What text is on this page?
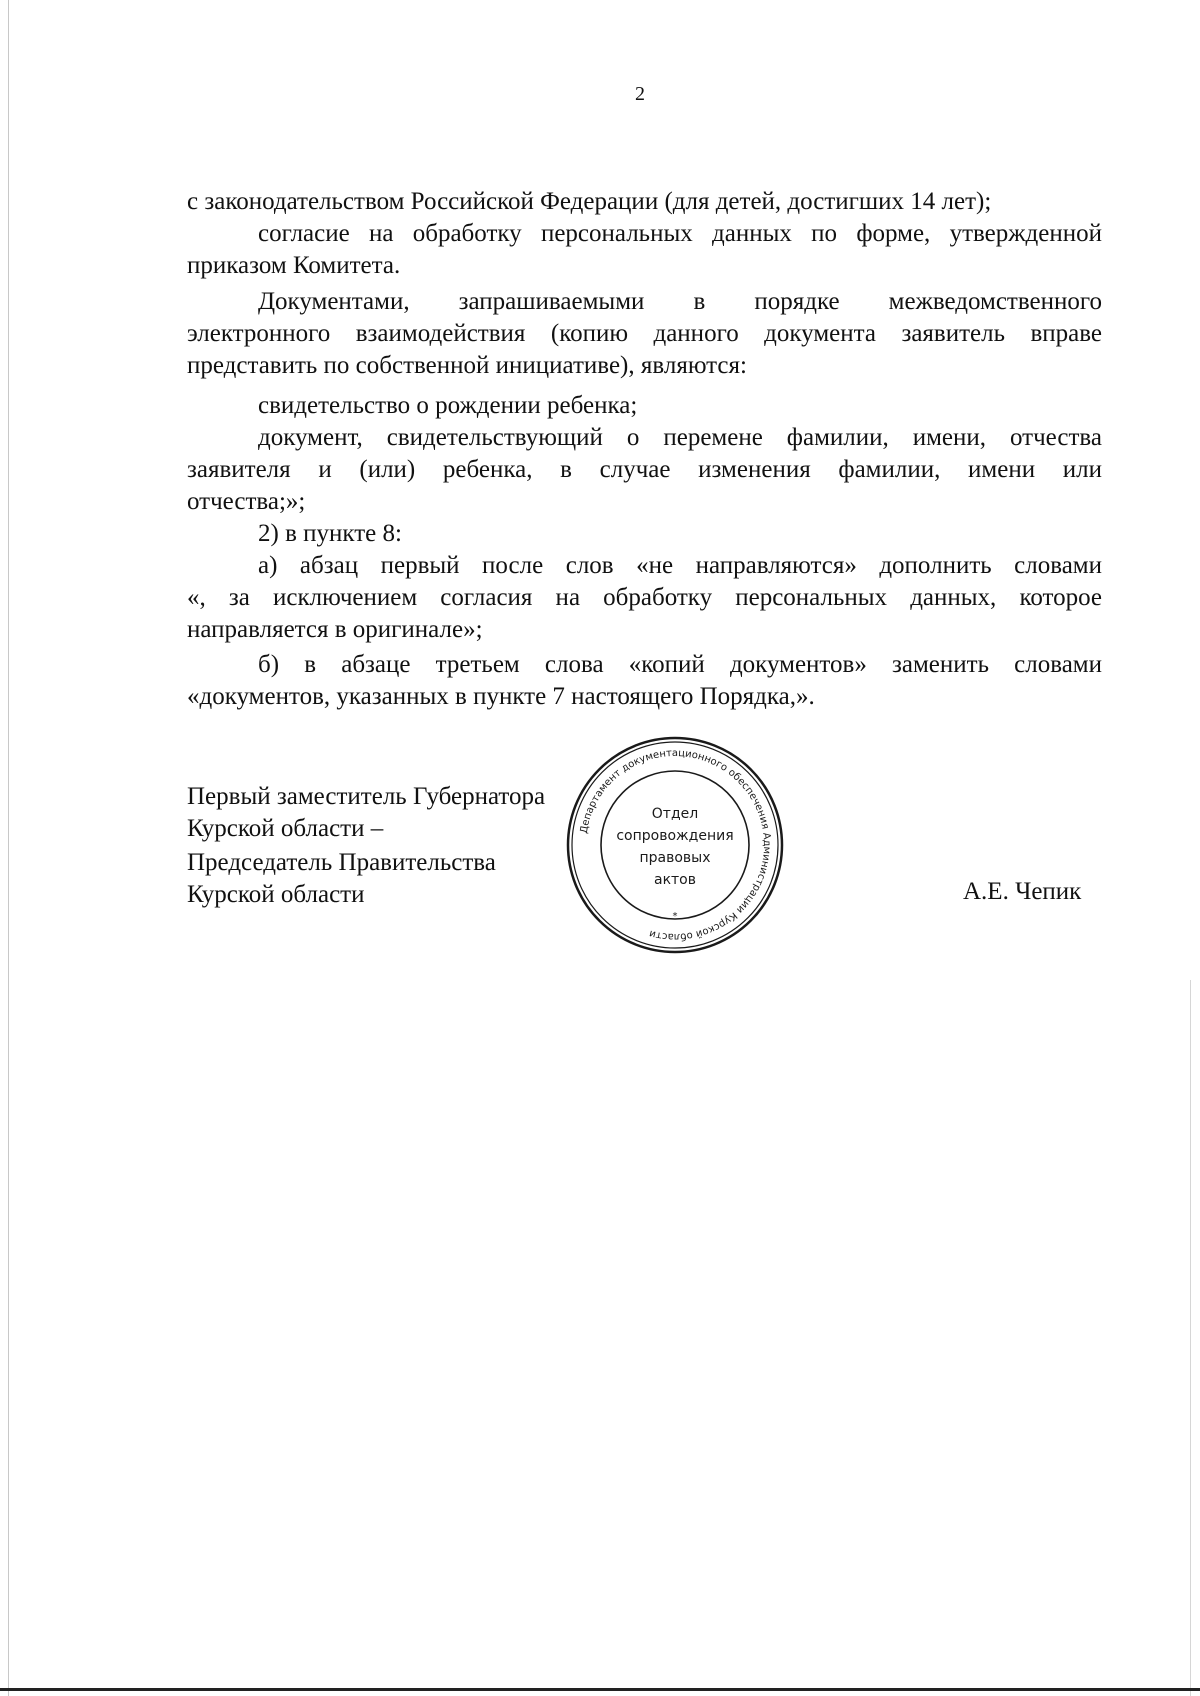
2
с законодательством Российской Федерации (для детей, достигших 14 лет);
согласие на обработку персональных данных по форме, утвержденной
приказом Комитета.
Документами, запрашиваемыми в порядке межведомственного
электронного взаимодействия (копию данного документа заявитель вправе
представить по собственной инициативе), являются:
свидетельство о рождении ребенка;
документ, свидетельствующий о перемене фамилии, имени, отчества
заявителя и (или) ребенка, в случае изменения фамилии, имени или
отчества;»;
2) в пункте 8:
а) абзац первый после слов «не направляются» дополнить словами
«, за исключением согласия на обработку персональных данных, которое
направляется в оригинале»;
б) в абзаце третьем слова «копий документов» заменить словами
«документов, указанных в пункте 7 настоящего Порядка,».
Первый заместитель Губернатора
Курской области –
Председатель Правительства
Курской области	А.Е. Чепик
Департамент документационного обеспечения Администрации Курской области
*
Отдел
сопровождения
правовых
актов
